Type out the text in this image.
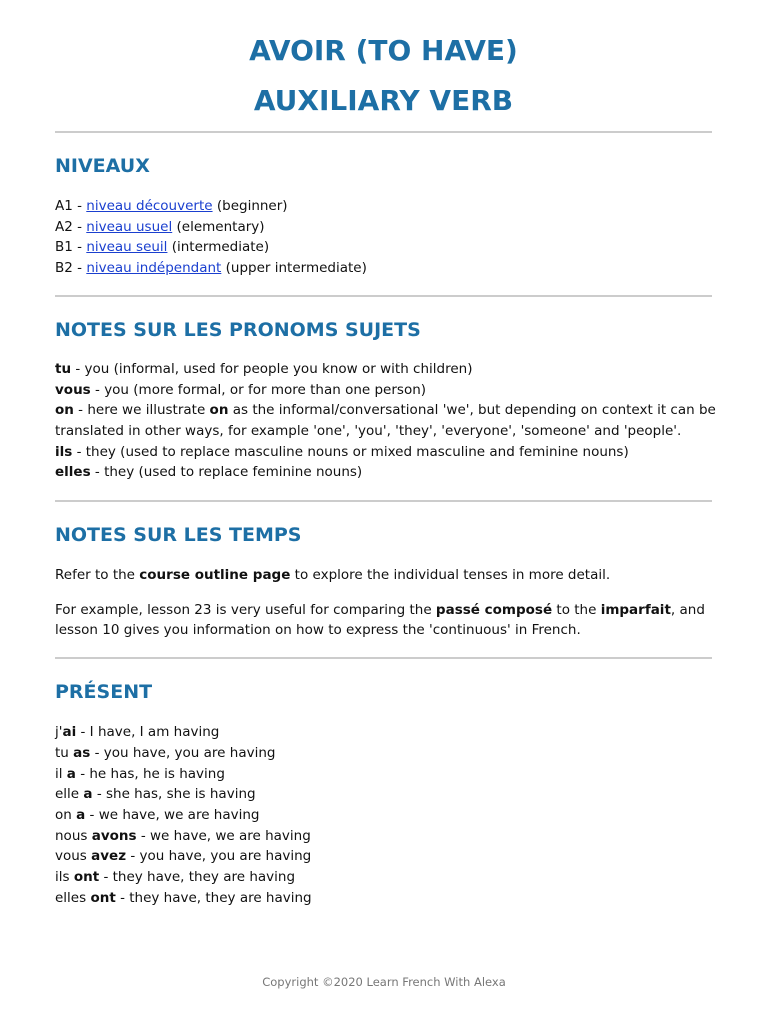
AVOIR (TO HAVE)
AUXILIARY VERB
NIVEAUX
A1 - niveau découverte (beginner)
A2 - niveau usuel (elementary)
B1 - niveau seuil (intermediate)
B2 - niveau indépendant (upper intermediate)
NOTES SUR LES PRONOMS SUJETS
tu - you (informal, used for people you know or with children)
vous - you (more formal, or for more than one person)
on - here we illustrate on as the informal/conversational 'we', but depending on context it can be
translated in other ways, for example 'one', 'you', 'they', 'everyone', 'someone' and 'people'.
ils - they (used to replace masculine nouns or mixed masculine and feminine nouns)
elles - they (used to replace feminine nouns)
NOTES SUR LES TEMPS

Refer to the course outline page to explore the individual tenses in more detail.

For example, lesson 23 is very useful for comparing the passé composé to the imparfait, and
lesson 10 gives you information on how to express the 'continuous' in French.

PRÉSENT
j'ai - I have, I am having
tu as - you have, you are having
il a - he has, he is having
elle a - she has, she is having
on a - we have, we are having
nous avons - we have, we are having
vous avez - you have, you are having
ils ont - they have, they are having
elles ont - they have, they are having
Copyright ©2020 Learn French With Alexa
